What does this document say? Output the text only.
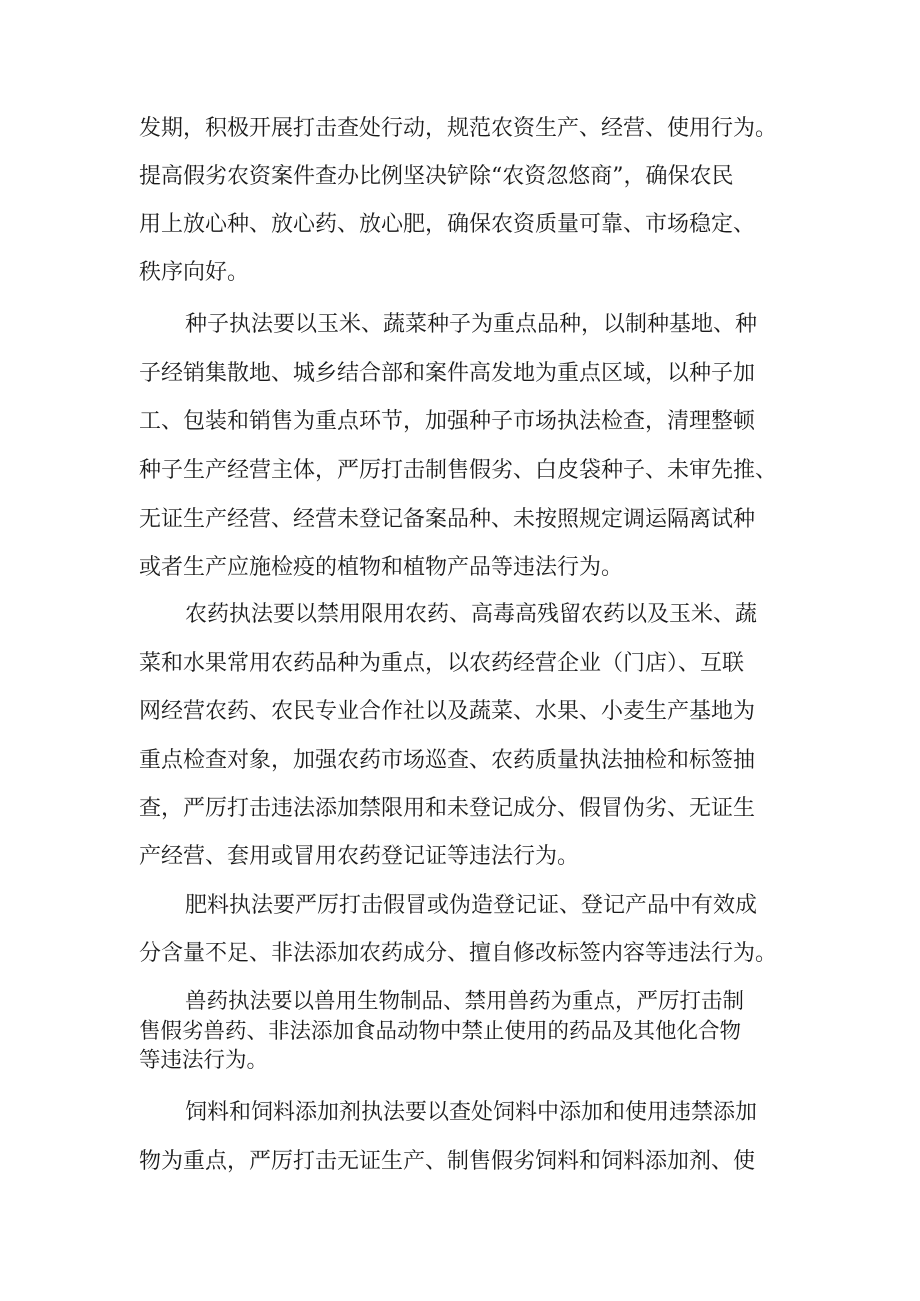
发期，积极开展打击查处行动，规范农资生产、经营、使用行为。

提高假劣农资案件查办比例坚决铲除“农资忽悠商”，确保农民

用上放心种、放心药、放心肥，确保农资质量可靠、市场稳定、

秩序向好。

种子执法要以玉米、蔬菜种子为重点品种，以制种基地、种

子经销集散地、城乡结合部和案件高发地为重点区域，以种子加

工、包装和销售为重点环节，加强种子市场执法检查，清理整顿

种子生产经营主体，严厉打击制售假劣、白皮袋种子、未审先推、

无证生产经营、经营未登记备案品种、未按照规定调运隔离试种

或者生产应施检疫的植物和植物产品等违法行为。

农药执法要以禁用限用农药、高毒高残留农药以及玉米、蔬

菜和水果常用农药品种为重点，以农药经营企业（门店）、互联

网经营农药、农民专业合作社以及蔬菜、水果、小麦生产基地为

重点检查对象，加强农药市场巡查、农药质量执法抽检和标签抽

查，严厉打击违法添加禁限用和未登记成分、假冒伪劣、无证生

产经营、套用或冒用农药登记证等违法行为。

肥料执法要严厉打击假冒或伪造登记证、登记产品中有效成

分含量不足、非法添加农药成分、擅自修改标签内容等违法行为。

兽药执法要以兽用生物制品、禁用兽药为重点，严厉打击制

售假劣兽药、非法添加食品动物中禁止使用的药品及其他化合物

等违法行为。

饲料和饲料添加剂执法要以查处饲料中添加和使用违禁添加

物为重点，严厉打击无证生产、制售假劣饲料和饲料添加剂、使
